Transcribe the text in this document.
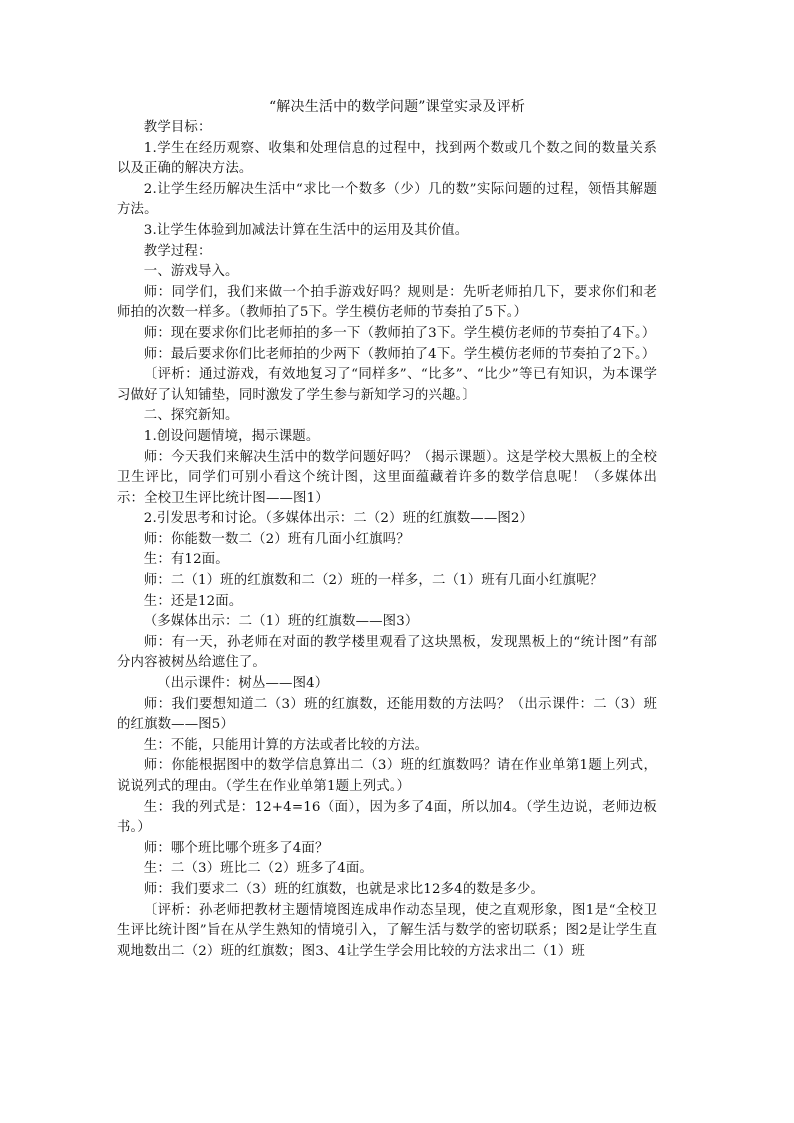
“解决生活中的数学问题”课堂实录及评析

教学目标：

1.学生在经历观察、收集和处理信息的过程中，找到两个数或几个数之间的数量关系以及正确的解决方法。

2.让学生经历解决生活中“求比一个数多（少）几的数”实际问题的过程，领悟其解题方法。

3.让学生体验到加减法计算在生活中的运用及其价值。

教学过程：

一、游戏导入。

师：同学们，我们来做一个拍手游戏好吗？规则是：先听老师拍几下，要求你们和老师拍的次数一样多。（教师拍了5下。学生模仿老师的节奏拍了5下。）

师：现在要求你们比老师拍的多一下（教师拍了3下。学生模仿老师的节奏拍了4下。）

师：最后要求你们比老师拍的少两下（教师拍了4下。学生模仿老师的节奏拍了2下。）

〔评析：通过游戏，有效地复习了“同样多”、“比多”、“比少”等已有知识，为本课学习做好了认知铺垫，同时激发了学生参与新知学习的兴趣。〕

二、探究新知。

1.创设问题情境，揭示课题。

师：今天我们来解决生活中的数学问题好吗？（揭示课题）。这是学校大黑板上的全校卫生评比，同学们可别小看这个统计图，这里面蕴藏着许多的数学信息呢！（多媒体出示：全校卫生评比统计图——图1）

2.引发思考和讨论。（多媒体出示：二（2）班的红旗数——图2）

师：你能数一数二（2）班有几面小红旗吗？

生：有12面。

师：二（1）班的红旗数和二（2）班的一样多，二（1）班有几面小红旗呢？

生：还是12面。

（多媒体出示：二（1）班的红旗数——图3）

师：有一天，孙老师在对面的教学楼里观看了这块黑板，发现黑板上的“统计图”有部分内容被树丛给遮住了。

（出示课件：树丛——图4）

师：我们要想知道二（3）班的红旗数，还能用数的方法吗？（出示课件：二（3）班的红旗数——图5）

生：不能，只能用计算的方法或者比较的方法。

师：你能根据图中的数学信息算出二（3）班的红旗数吗？请在作业单第1题上列式，说说列式的理由。（学生在作业单第1题上列式。）

生：我的列式是：12+4=16（面），因为多了4面，所以加4。（学生边说，老师边板书。）

师：哪个班比哪个班多了4面？

生：二（3）班比二（2）班多了4面。

师：我们要求二（3）班的红旗数，也就是求比12多4的数是多少。

〔评析：孙老师把教材主题情境图连成串作动态呈现，使之直观形象，图1是“全校卫生评比统计图”旨在从学生熟知的情境引入，了解生活与数学的密切联系；图2是让学生直观地数出二（2）班的红旗数；图3、4让学生学会用比较的方法求出二（1）班
